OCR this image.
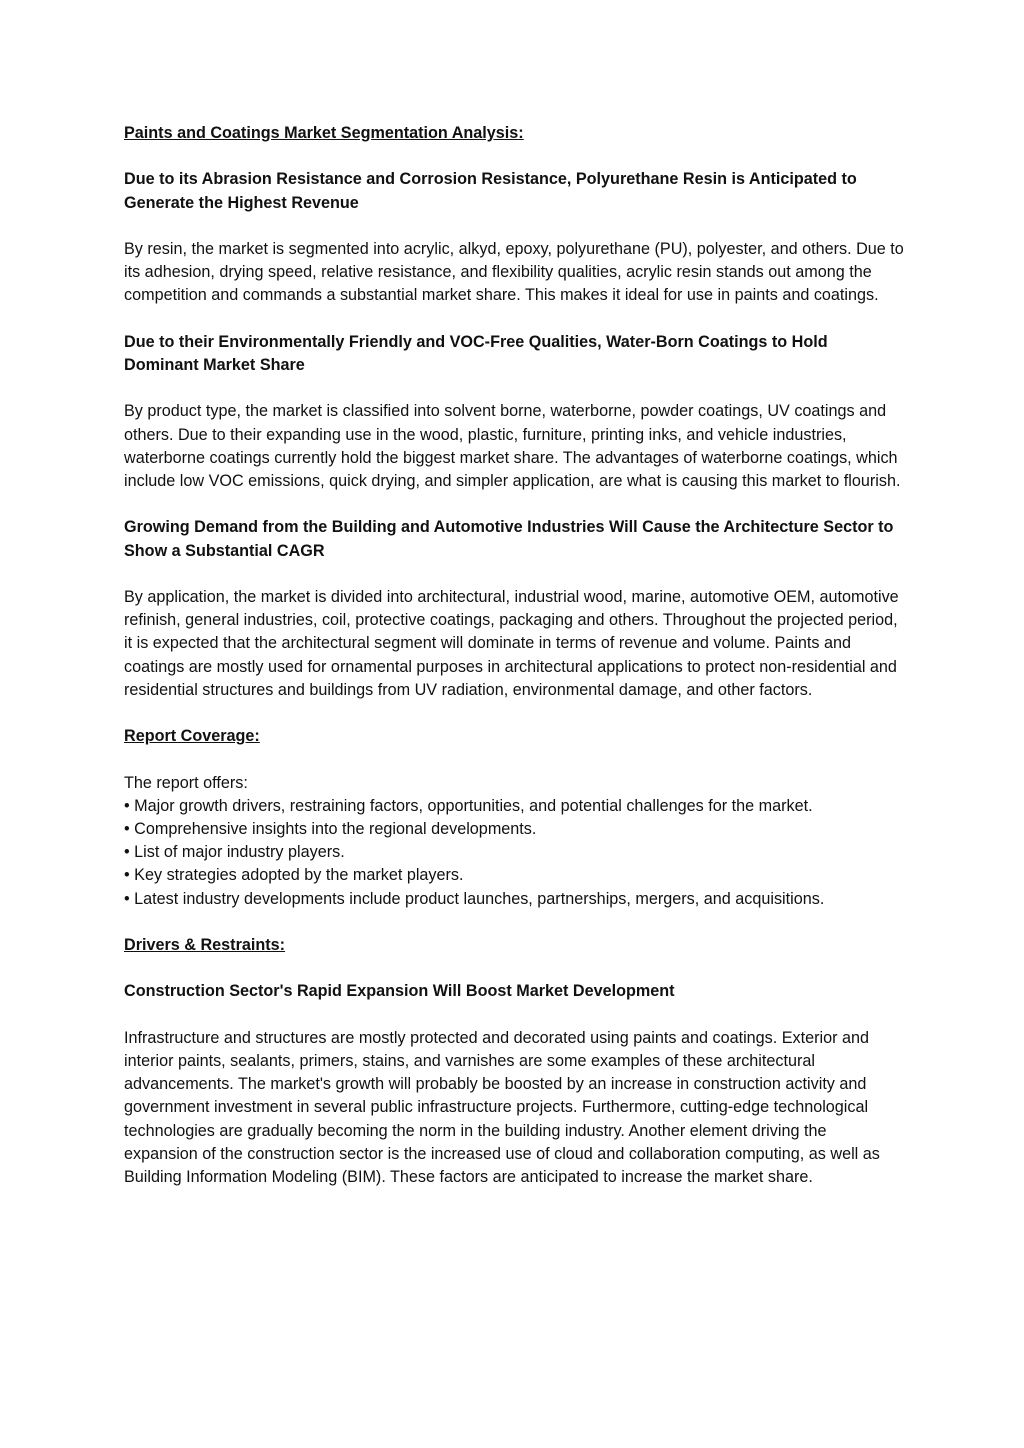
Paints and Coatings Market Segmentation Analysis:

Due to its Abrasion Resistance and Corrosion Resistance, Polyurethane Resin is Anticipated to Generate the Highest Revenue

By resin, the market is segmented into acrylic, alkyd, epoxy, polyurethane (PU), polyester, and others. Due to its adhesion, drying speed, relative resistance, and flexibility qualities, acrylic resin stands out among the competition and commands a substantial market share. This makes it ideal for use in paints and coatings.

Due to their Environmentally Friendly and VOC-Free Qualities, Water-Born Coatings to Hold Dominant Market Share

By product type, the market is classified into solvent borne, waterborne, powder coatings, UV coatings and others. Due to their expanding use in the wood, plastic, furniture, printing inks, and vehicle industries, waterborne coatings currently hold the biggest market share. The advantages of waterborne coatings, which include low VOC emissions, quick drying, and simpler application, are what is causing this market to flourish.

Growing Demand from the Building and Automotive Industries Will Cause the Architecture Sector to Show a Substantial CAGR

By application, the market is divided into architectural, industrial wood, marine, automotive OEM, automotive refinish, general industries, coil, protective coatings, packaging and others. Throughout the projected period, it is expected that the architectural segment will dominate in terms of revenue and volume. Paints and coatings are mostly used for ornamental purposes in architectural applications to protect non-residential and residential structures and buildings from UV radiation, environmental damage, and other factors.

Report Coverage:

The report offers:

• Major growth drivers, restraining factors, opportunities, and potential challenges for the market.
• Comprehensive insights into the regional developments.
• List of major industry players.
• Key strategies adopted by the market players.
• Latest industry developments include product launches, partnerships, mergers, and acquisitions.

Drivers & Restraints:

Construction Sector's Rapid Expansion Will Boost Market Development

Infrastructure and structures are mostly protected and decorated using paints and coatings. Exterior and interior paints, sealants, primers, stains, and varnishes are some examples of these architectural advancements. The market's growth will probably be boosted by an increase in construction activity and government investment in several public infrastructure projects. Furthermore, cutting-edge technological technologies are gradually becoming the norm in the building industry. Another element driving the expansion of the construction sector is the increased use of cloud and collaboration computing, as well as Building Information Modeling (BIM). These factors are anticipated to increase the market share.
